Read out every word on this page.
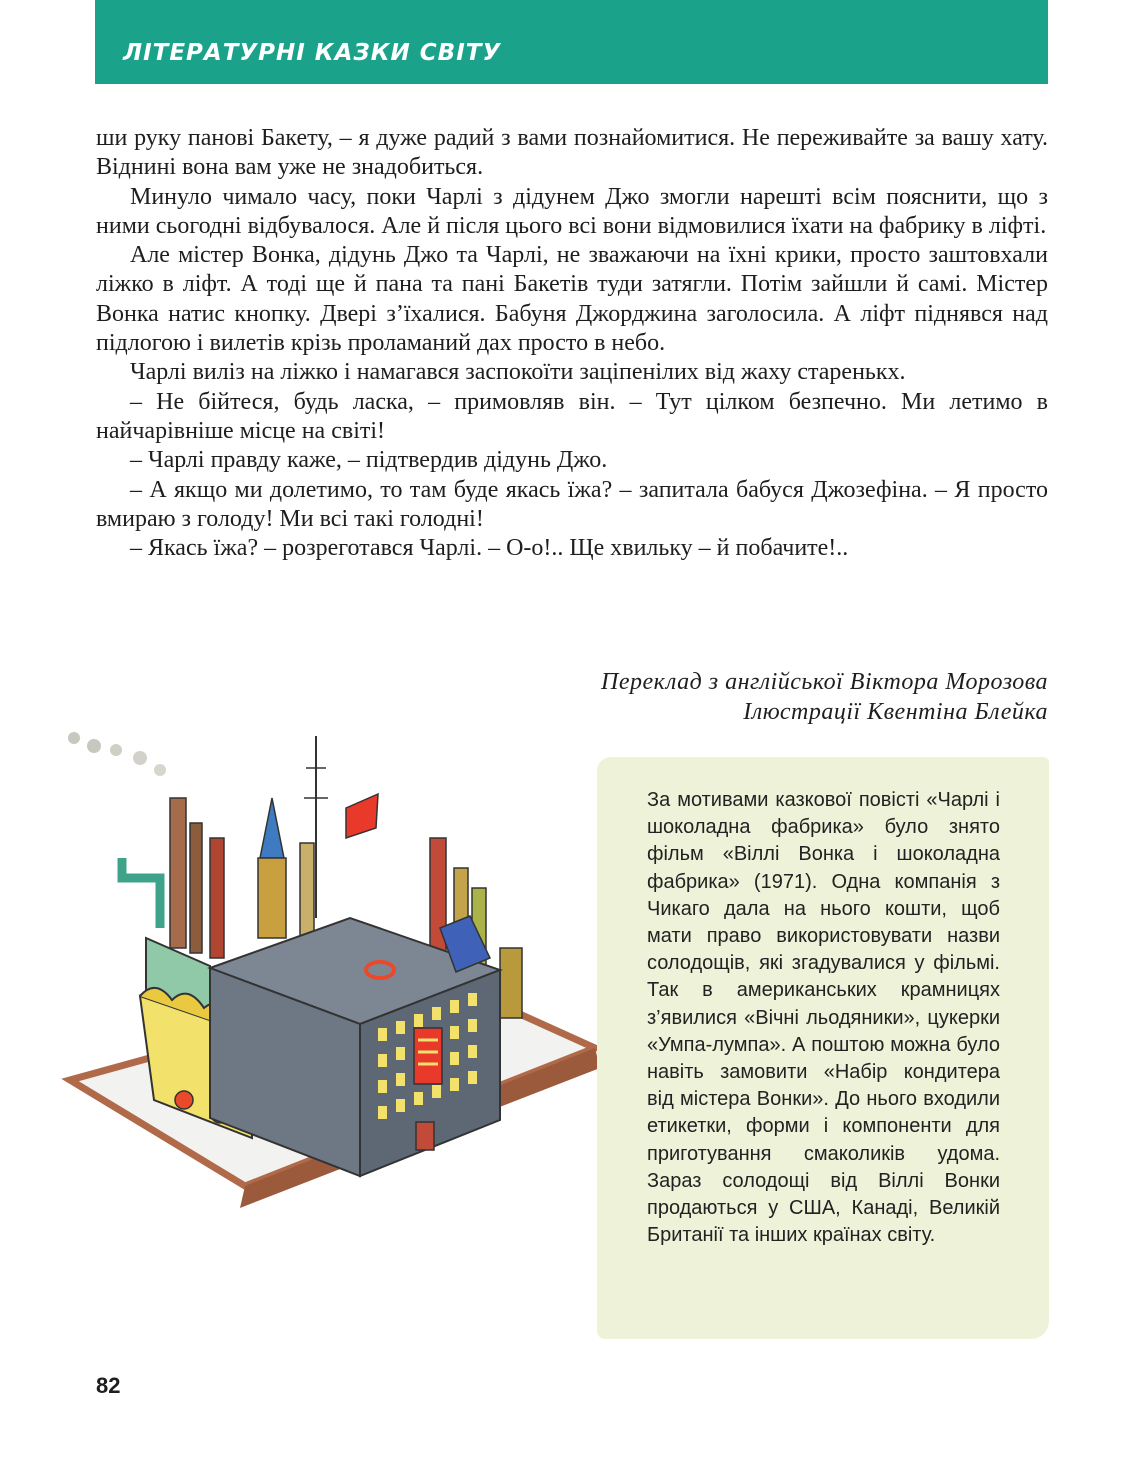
ЛІТЕРАТУРНІ КАЗКИ СВІТУ

ши руку панові Бакету, – я дуже радий з вами познайомитися. Не переживайте за вашу хату. Віднині вона вам уже не знадобиться.

Минуло чимало часу, поки Чарлі з дідунем Джо змогли нарешті всім пояснити, що з ними сьогодні відбувалося. Але й після цього всі вони відмовилися їхати на фабрику в ліфті.

Але містер Вонка, дідунь Джо та Чарлі, не зважаючи на їхні крики, просто заштовхали ліжко в ліфт. А тоді ще й пана та пані Бакетів туди затягли. Потім зайшли й самі. Містер Вонка натис кнопку. Двері з’їхалися. Бабуня Джорджина заголосила. А ліфт піднявся над підлогою і вилетів крізь проламаний дах просто в небо.

Чарлі виліз на ліжко і намагався заспокоїти заціпенілих від жаху старенькх.

– Не бійтеся, будь ласка, – примовляв він. – Тут цілком безпечно. Ми летимо в найчарівніше місце на світі!

– Чарлі правду каже, – підтвердив дідунь Джо.

– А якщо ми долетимо, то там буде якась їжа? – запитала бабуся Джозефіна. – Я просто вмираю з голоду! Ми всі такі голодні!

– Якась їжа? – розреготався Чарлі. – О-о!.. Ще хвильку – й побачите!..

Переклад з англійської Віктора Морозова
Ілюстрації Квентіна Блейка
За мотивами казкової повісті «Чарлі і шоколадна фабрика» було знято фільм «Віллі Вонка і шоколадна фабрика» (1971). Одна компанія з Чикаго дала на нього кошти, щоб мати право використовувати назви солодощів, які згадувалися у фільмі. Так в американських крамницях з’явилися «Вічні льодяники», цукерки «Умпа-лумпа». А поштою можна було навіть замовити «Набір кондитера від містера Вонки». До нього входили етикетки, форми і компоненти для приготування смаколиків удома. Зараз солодощі від Віллі Вонки продаються у США, Канаді, Великій Британії та інших країнах світу.
82
